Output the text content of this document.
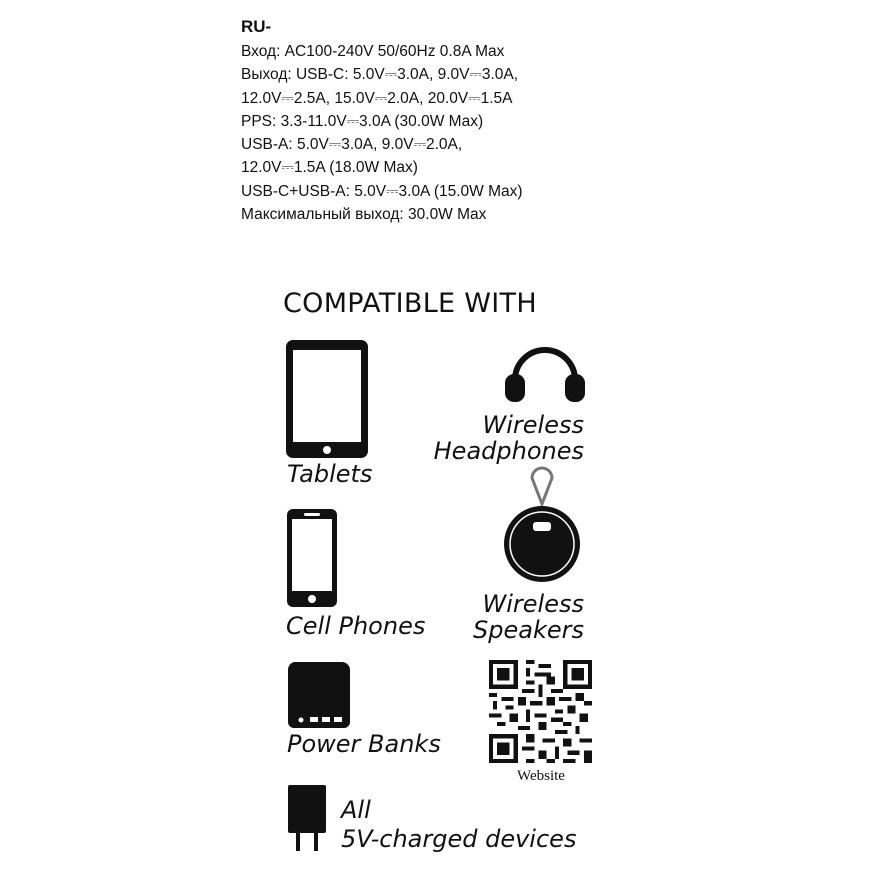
RU-
Вход: AC100-240V 50/60Hz 0.8A Max
Выход: USB-C: 5.0V⎓3.0A, 9.0V⎓3.0A,
12.0V⎓2.5A, 15.0V⎓2.0A, 20.0V⎓1.5A
PPS: 3.3-11.0V⎓3.0A (30.0W Max)
USB-A: 5.0V⎓3.0A, 9.0V⎓2.0A,
12.0V⎓1.5A (18.0W Max)
USB-C+USB-A: 5.0V⎓3.0A (15.0W Max)
Максимальный выход: 30.0W Max
COMPATIBLE WITH
Tablets
Wireless
Headphones
Cell Phones
Wireless
Speakers
Power Banks
Website
All
5V-charged devices
